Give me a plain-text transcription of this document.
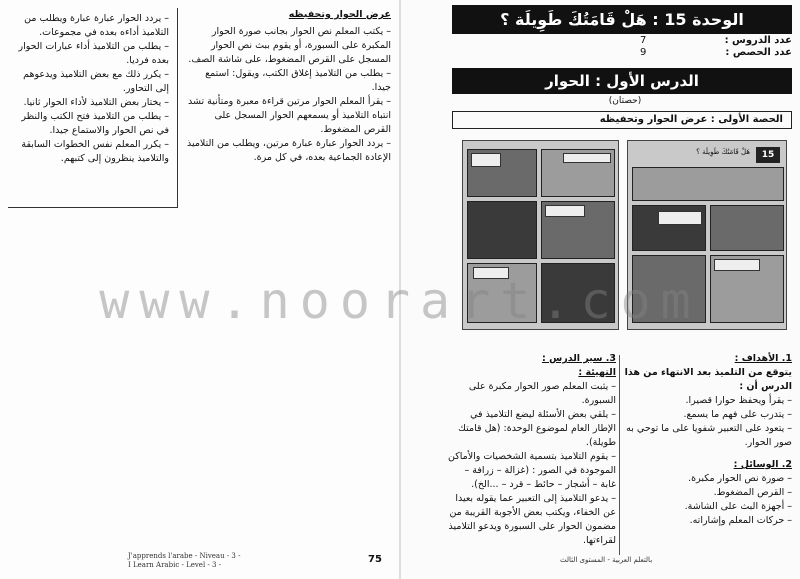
– يردد الحوار عبارة عبارة ويطلب من التلاميذ أداءه بعده في مجموعات.

– يطلب من التلاميذ أداء عبارات الحوار بعده فرديا.

– يكرر ذلك مع بعض التلاميذ ويدعوهم إلى التحاور.

– يختار بعض التلاميذ لأداء الحوار ثانيا.

– يطلب من التلاميذ فتح الكتب والنظر في نص الحوار والاستماع جيدا.

– يكرر المعلم نفس الخطوات السابقة والتلاميذ ينظرون إلى كتبهم.

عرض الحوار وتحفيظه

– يكتب المعلم نص الحوار بجانب صورة الحوار المكبرة على السبورة، أو يقوم ببث نص الحوار المسجل على القرص المضغوط، على شاشة الصف.

– يطلب من التلاميذ إغلاق الكتب، ويقول: استمع جيدا.

– يقرأ المعلم الحوار مرتين قراءة معبرة ومتأنية تشد انتباه التلاميذ أو يسمعهم الحوار المسجل على القرص المضغوط.

– يردد الحوار عبارة عبارة مرتين، ويطلب من التلاميذ الإعادة الجماعية بعده، في كل مرة.

J'apprends l'arabe - Niveau - 3 -
I Learn Arabic - Level - 3 -	75
الوحدة 15 : هَلْ قَامَتُكَ طَوِيلَة ؟
عدد الدروس :
7
عدد الحصص :
9
الدرس الأول : الحوار
(حصتان)
الحصة الأولى : عرض الحوار وتحفيظه
15
هَلْ قَامَتُكَ طَوِيلَة ؟
www.noorart.com

1. الأهداف :

يتوقع من التلميذ بعد الانتهاء من هذا الدرس أن :

– يقرأ ويحفظ حوارا قصيرا.

– يتدرب على فهم ما يسمع.

– يتعود على التعبير شفويا على ما توحي به صور الحوار.

2. الوسائل :

– صورة نص الحوار مكبرة.

– القرص المضغوط.

– أجهزة البث على الشاشة.

– حركات المعلم وإشاراته.

3. سير الدرس :

التهيئة :

– يثبت المعلم صور الحوار مكبرة على السبورة.

– يلقي بعض الأسئلة ليضع التلاميذ في الإطار العام لموضوع الوحدة: (هل قامتك طويلة).

– يقوم التلاميذ بتسمية الشخصيات والأماكن الموجودة في الصور : (غزالة – زرافة – غابة – أشجار – حائط – قرد – ...الخ).

– يدعو التلاميذ إلى التعبير عما يقوله بعيدا عن الخفاء، ويكتب بعض الأجوبة القريبة من مضمون الحوار على السبورة ويدعو التلاميذ لقراءتها.

بالتعلم العربية - المستوى الثالث
